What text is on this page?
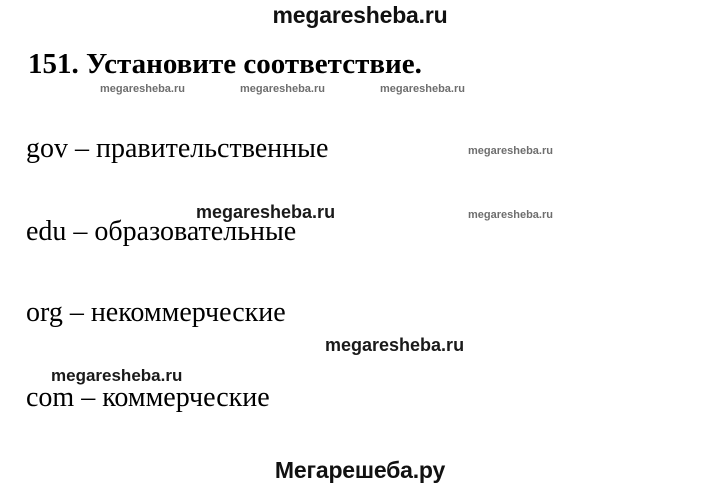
megaresheba.ru
151. Установите соответствие.
megaresheba.ru	megaresheba.ru	megaresheba.ru
gov – правительственные	megaresheba.ru
megaresheba.ru	megaresheba.ru
edu – образовательные
org – некоммерческие
megaresheba.ru
megaresheba.ru
com – коммерческие
Мегарешеба.ру
